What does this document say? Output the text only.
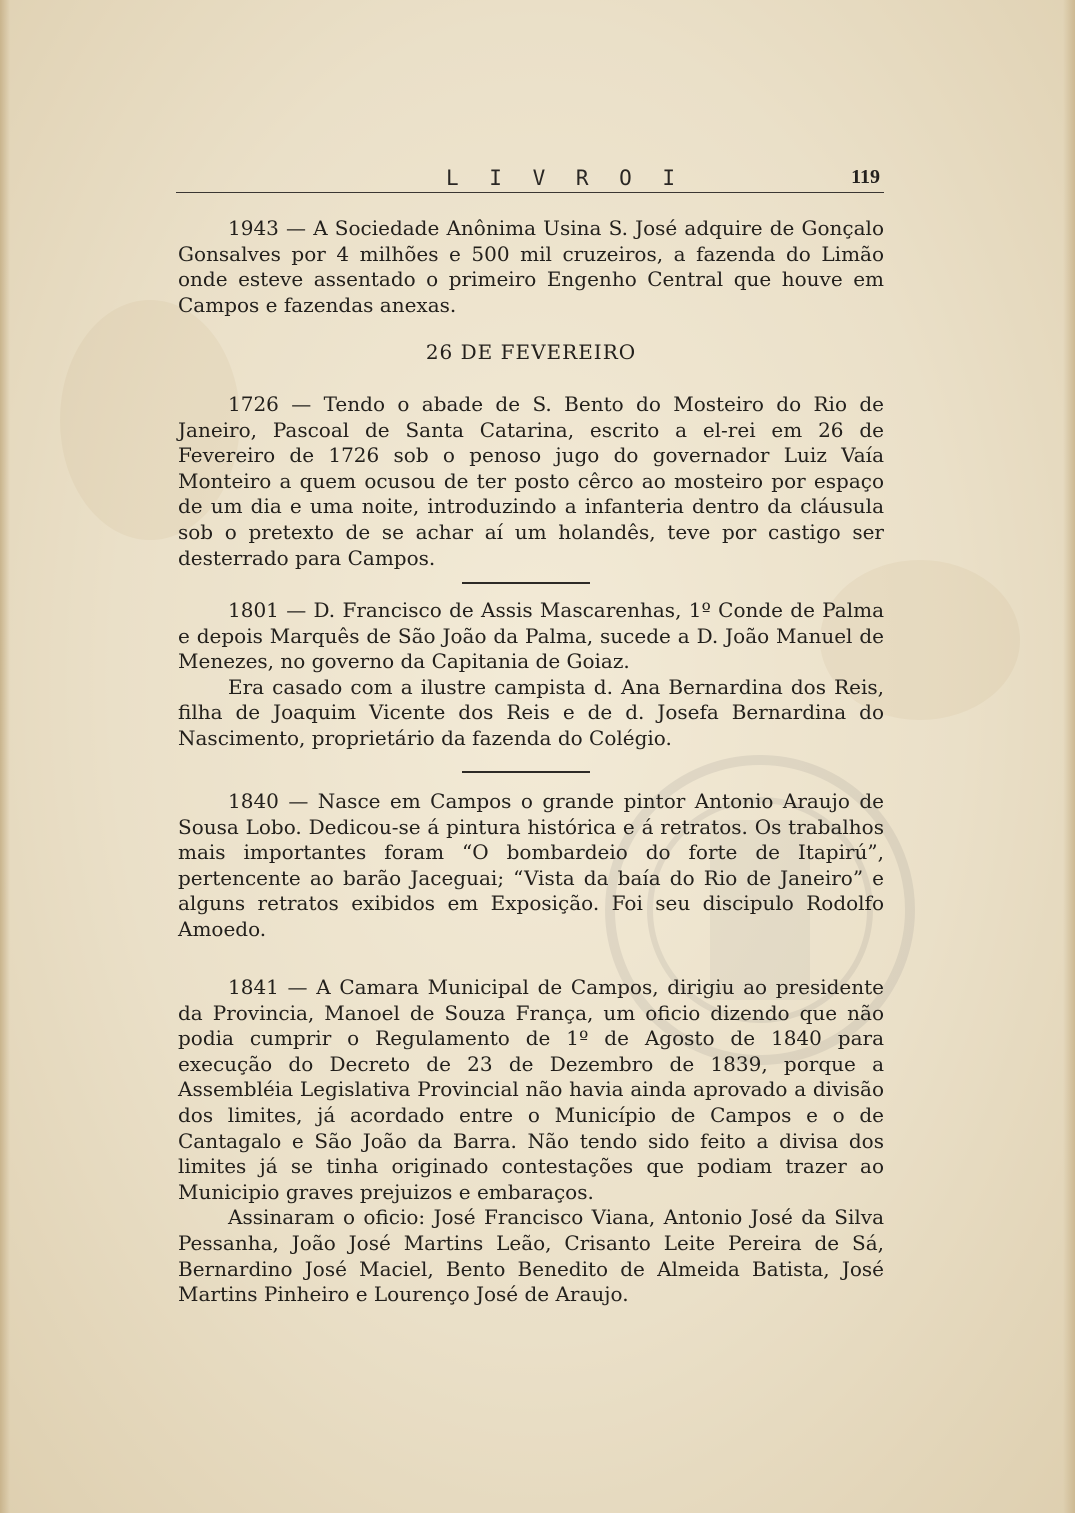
L I V R O I	119

1943 — A Sociedade Anônima Usina S. José adquire de Gonçalo Gonsalves por 4 milhões e 500 mil cruzeiros, a fazenda do Limão onde esteve assentado o primeiro Engenho Central que houve em Campos e fazendas anexas.

26 DE FEVEREIRO

1726 — Tendo o abade de S. Bento do Mosteiro do Rio de Janeiro, Pascoal de Santa Catarina, escrito a el-rei em 26 de Fevereiro de 1726 sob o penoso jugo do governador Luiz Vaía Monteiro a quem ocusou de ter posto cêrco ao mosteiro por espaço de um dia e uma noite, introduzindo a infanteria dentro da cláusula sob o pretexto de se achar aí um holandês, teve por castigo ser desterrado para Campos.

1801 — D. Francisco de Assis Mascarenhas, 1º Conde de Palma e depois Marquês de São João da Palma, sucede a D. João Manuel de Menezes, no governo da Capitania de Goiaz.

Era casado com a ilustre campista d. Ana Bernardina dos Reis, filha de Joaquim Vicente dos Reis e de d. Josefa Bernardina do Nascimento, proprietário da fazenda do Colégio.

1840 — Nasce em Campos o grande pintor Antonio Araujo de Sousa Lobo. Dedicou-se á pintura histórica e á retratos. Os trabalhos mais importantes foram “O bombardeio do forte de Itapirú”, pertencente ao barão Jaceguai; “Vista da baía do Rio de Janeiro” e alguns retratos exibidos em Exposição. Foi seu discipulo Rodolfo Amoedo.

1841 — A Camara Municipal de Campos, dirigiu ao presidente da Provincia, Manoel de Souza França, um oficio dizendo que não podia cumprir o Regulamento de 1º de Agosto de 1840 para execução do Decreto de 23 de Dezembro de 1839, porque a Assembléia Legislativa Provincial não havia ainda aprovado a divisão dos limites, já acordado entre o Município de Campos e o de Cantagalo e São João da Barra. Não tendo sido feito a divisa dos limites já se tinha originado contestações que podiam trazer ao Municipio graves prejuizos e embaraços.

Assinaram o oficio: José Francisco Viana, Antonio José da Silva Pessanha, João José Martins Leão, Crisanto Leite Pereira de Sá, Bernardino José Maciel, Bento Benedito de Almeida Batista, José Martins Pinheiro e Lourenço José de Araujo.
